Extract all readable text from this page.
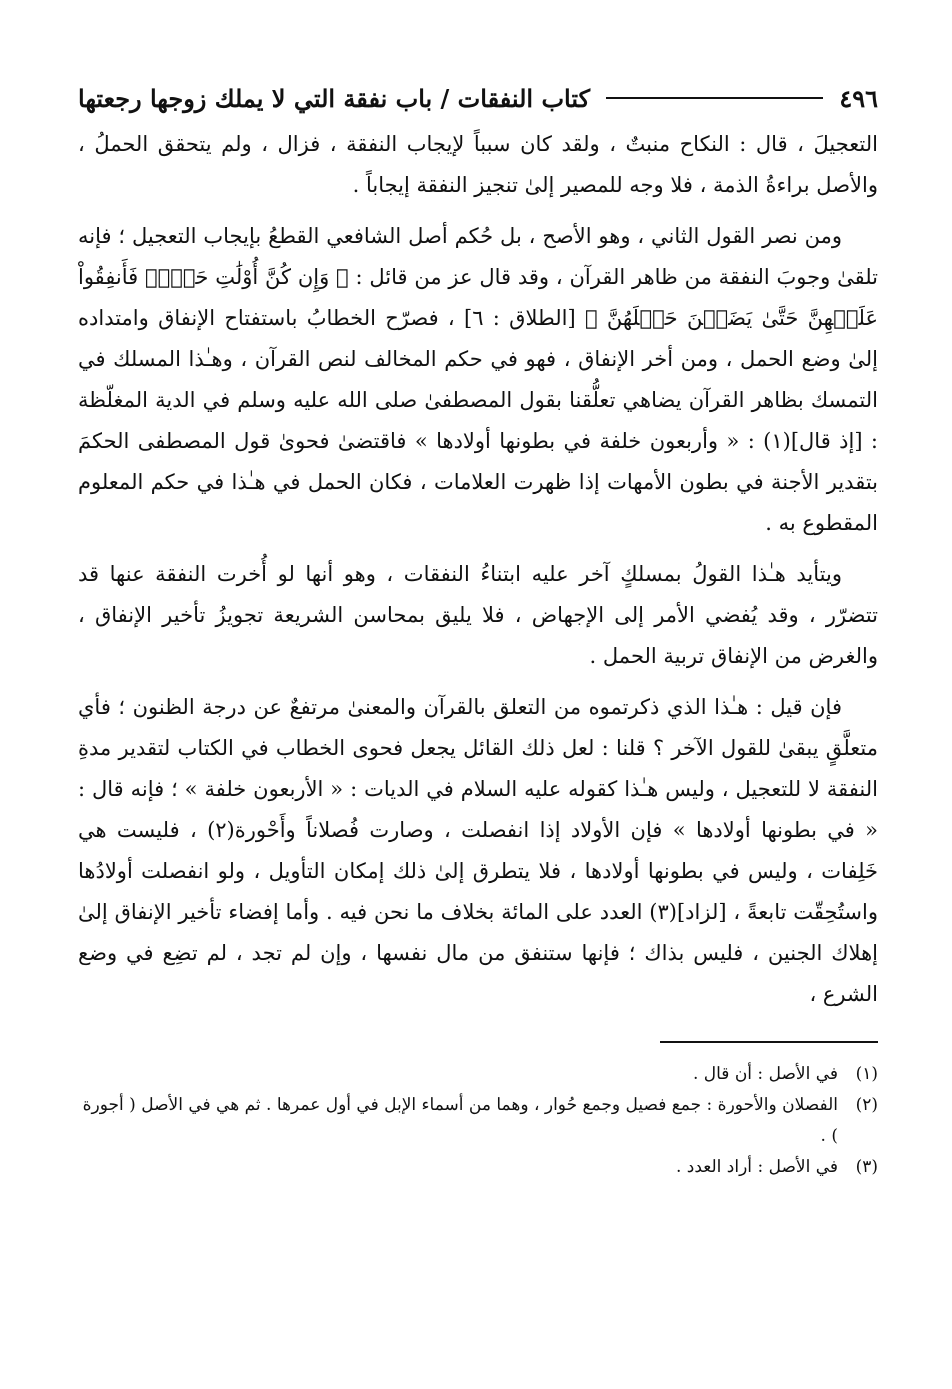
٤٩٦
كتاب النفقات / باب نفقة التي لا يملك زوجها رجعتها

التعجيلَ ، قال : النكاح منبتٌ ، ولقد كان سبباً لإيجاب النفقة ، فزال ، ولم يتحقق الحملُ ، والأصل براءةُ الذمة ، فلا وجه للمصير إلىٰ تنجيز النفقة إيجاباً .

ومن نصر القول الثاني ، وهو الأصح ، بل حُكم أصل الشافعي القطعُ بإيجاب التعجيل ؛ فإنه تلقىٰ وجوبَ النفقة من ظاهر القرآن ، وقد قال عز من قائل : ﴿ وَإِن كُنَّ أُوْلَٰتِ حَمۡلٖ فَأَنفِقُواْ عَلَيۡهِنَّ حَتَّىٰ يَضَعۡنَ حَمۡلَهُنَّ ﴾ [الطلاق : ٦] ، فصرّح الخطابُ باستفتاح الإنفاق وامتداده إلىٰ وضع الحمل ، ومن أخر الإنفاق ، فهو في حكم المخالف لنص القرآن ، وهـٰذا المسلك في التمسك بظاهر القرآن يضاهي تعلُّقنا بقول المصطفىٰ صلى الله عليه وسلم في الدية المغلّظة : [إذ قال](١) : « وأربعون خلفة في بطونها أولادها » فاقتضىٰ فحوىٰ قول المصطفى الحكمَ بتقدير الأجنة في بطون الأمهات إذا ظهرت العلامات ، فكان الحمل في هـٰذا في حكم المعلوم المقطوع به .

ويتأيد هـٰذا القولُ بمسلكٍ آخر عليه ابتناءُ النفقات ، وهو أنها لو أُخرت النفقة عنها قد تتضرّر ، وقد يُفضي الأمر إلى الإجهاض ، فلا يليق بمحاسن الشريعة تجويزُ تأخير الإنفاق ، والغرض من الإنفاق تربية الحمل .

فإن قيل : هـٰذا الذي ذكرتموه من التعلق بالقرآن والمعنىٰ مرتفعٌ عن درجة الظنون ؛ فأي متعلَّقٍ يبقىٰ للقول الآخر ؟ قلنا : لعل ذلك القائل يجعل فحوى الخطاب في الكتاب لتقدير مدةِ النفقة لا للتعجيل ، وليس هـٰذا كقوله عليه السلام في الديات : « الأربعون خلفة » ؛ فإنه قال : « في بطونها أولادها » فإن الأولاد إذا انفصلت ، وصارت فُصلاناً وأَحْورة(٢) ، فليست هي خَلِفات ، وليس في بطونها أولادها ، فلا يتطرق إلىٰ ذلك إمكان التأويل ، ولو انفصلت أولادُها واستُحِقّت تابعةً ، [لزاد](٣) العدد على المائة بخلاف ما نحن فيه . وأما إفضاء تأخير الإنفاق إلىٰ إهلاك الجنين ، فليس بذاك ؛ فإنها ستنفق من مال نفسها ، وإن لم تجد ، لم تضِع في وضع الشرع ،

(١)
في الأصل : أن قال .
(٢)
الفصلان والأحورة : جمع فصيل وجمع حُوار ، وهما من أسماء الإبل في أول عمرها . ثم هي في الأصل ( أجورة ) .
(٣)
في الأصل : أراد العدد .
